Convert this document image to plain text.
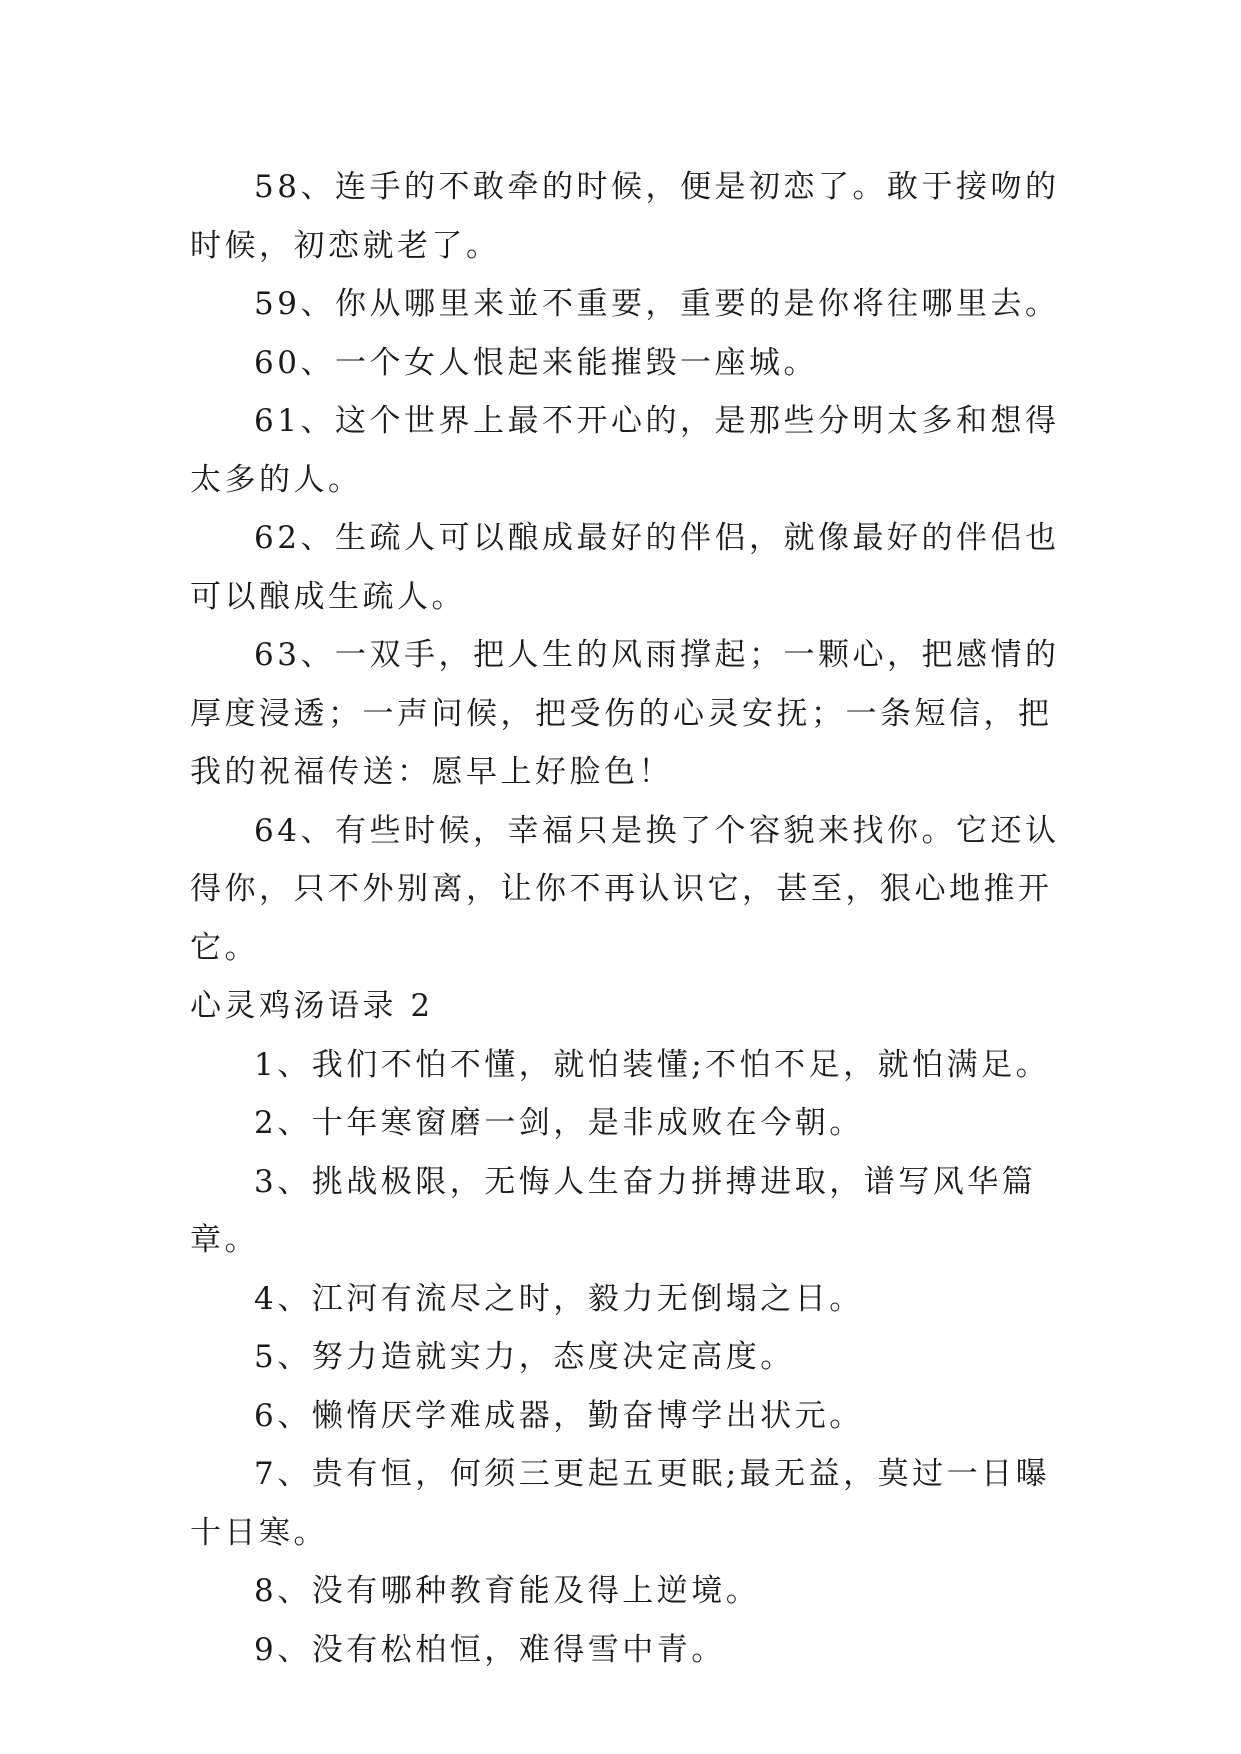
58、连手的不敢牵的时候，便是初恋了。敢于接吻的时候，初恋就老了。

59、你从哪里来並不重要，重要的是你将往哪里去。

60、一个女人恨起来能摧毁一座城。

61、这个世界上最不开心的，是那些分明太多和想得太多的人。

62、生疏人可以酿成最好的伴侣，就像最好的伴侣也可以酿成生疏人。

63、一双手，把人生的风雨撑起；一颗心，把感情的厚度浸透；一声问候，把受伤的心灵安抚；一条短信，把我的祝福传送：愿早上好脸色！

64、有些时候，幸福只是换了个容貌来找你。它还认得你，只不外别离，让你不再认识它，甚至，狠心地推开它。

心灵鸡汤语录 2

1、我们不怕不懂，就怕装懂;不怕不足，就怕满足。

2、十年寒窗磨一剑，是非成败在今朝。

3、挑战极限，无悔人生奋力拼搏进取，谱写风华篇章。

4、江河有流尽之时，毅力无倒塌之日。

5、努力造就实力，态度决定高度。

6、懒惰厌学难成器，勤奋博学出状元。

7、贵有恒，何须三更起五更眠;最无益，莫过一日曝十日寒。

8、没有哪种教育能及得上逆境。

9、没有松柏恒，难得雪中青。
